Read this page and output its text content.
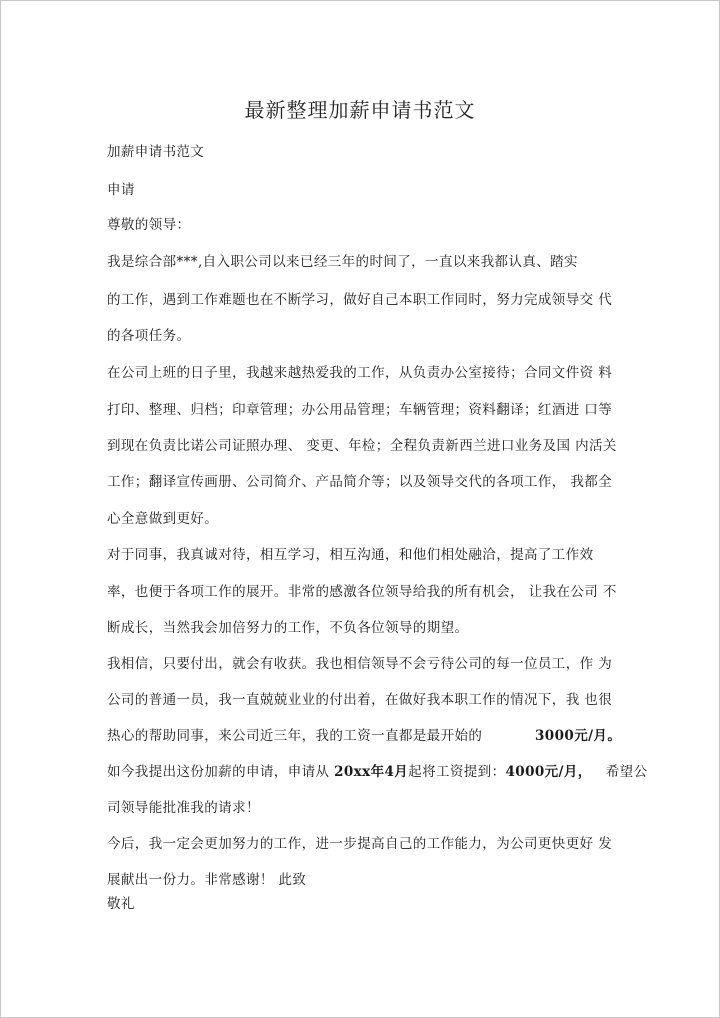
最新整理加薪申请书范文
加薪申请书范文
申请
尊敬的领导：
我是综合部***,自入职公司以来已经三年的时间了，一直以来我都认真、踏实
的工作，遇到工作难题也在不断学习，做好自己本职工作同时，努力完成领导交 代
的各项任务。
在公司上班的日子里，我越来越热爱我的工作，从负责办公室接待；合同文件资 料
打印、整理、归档；印章管理；办公用品管理；车辆管理；资料翻译；红酒进 口等
到现在负责比诺公司证照办理、 变更、年检；全程负责新西兰进口业务及国 内活关
工作；翻译宣传画册、公司简介、产品简介等；以及领导交代的各项工作， 我都全
心全意做到更好。
对于同事，我真诚对待，相互学习，相互沟通，和他们相处融洽，提高了工作效
率，也便于各项工作的展开。非常的感激各位领导给我的所有机会， 让我在公司 不
断成长，当然我会加倍努力的工作，不负各位领导的期望。
我相信，只要付出，就会有收获。我也相信领导不会亏待公司的每一位员工，作 为
公司的普通一员，我一直兢兢业业的付出着，在做好我本职工作的情况下，我 也很
热心的帮助同事，来公司近三年，我的工资一直都是最开始的	3000元/月。
如今我提出这份加薪的申请，申请从 20xx年4月起将工资提到：4000元/月，   希望公
司领导能批准我的请求！
今后，我一定会更加努力的工作，进一步提高自己的工作能力，为公司更快更好 发
展献出一份力。非常感谢！ 此致
敬礼
